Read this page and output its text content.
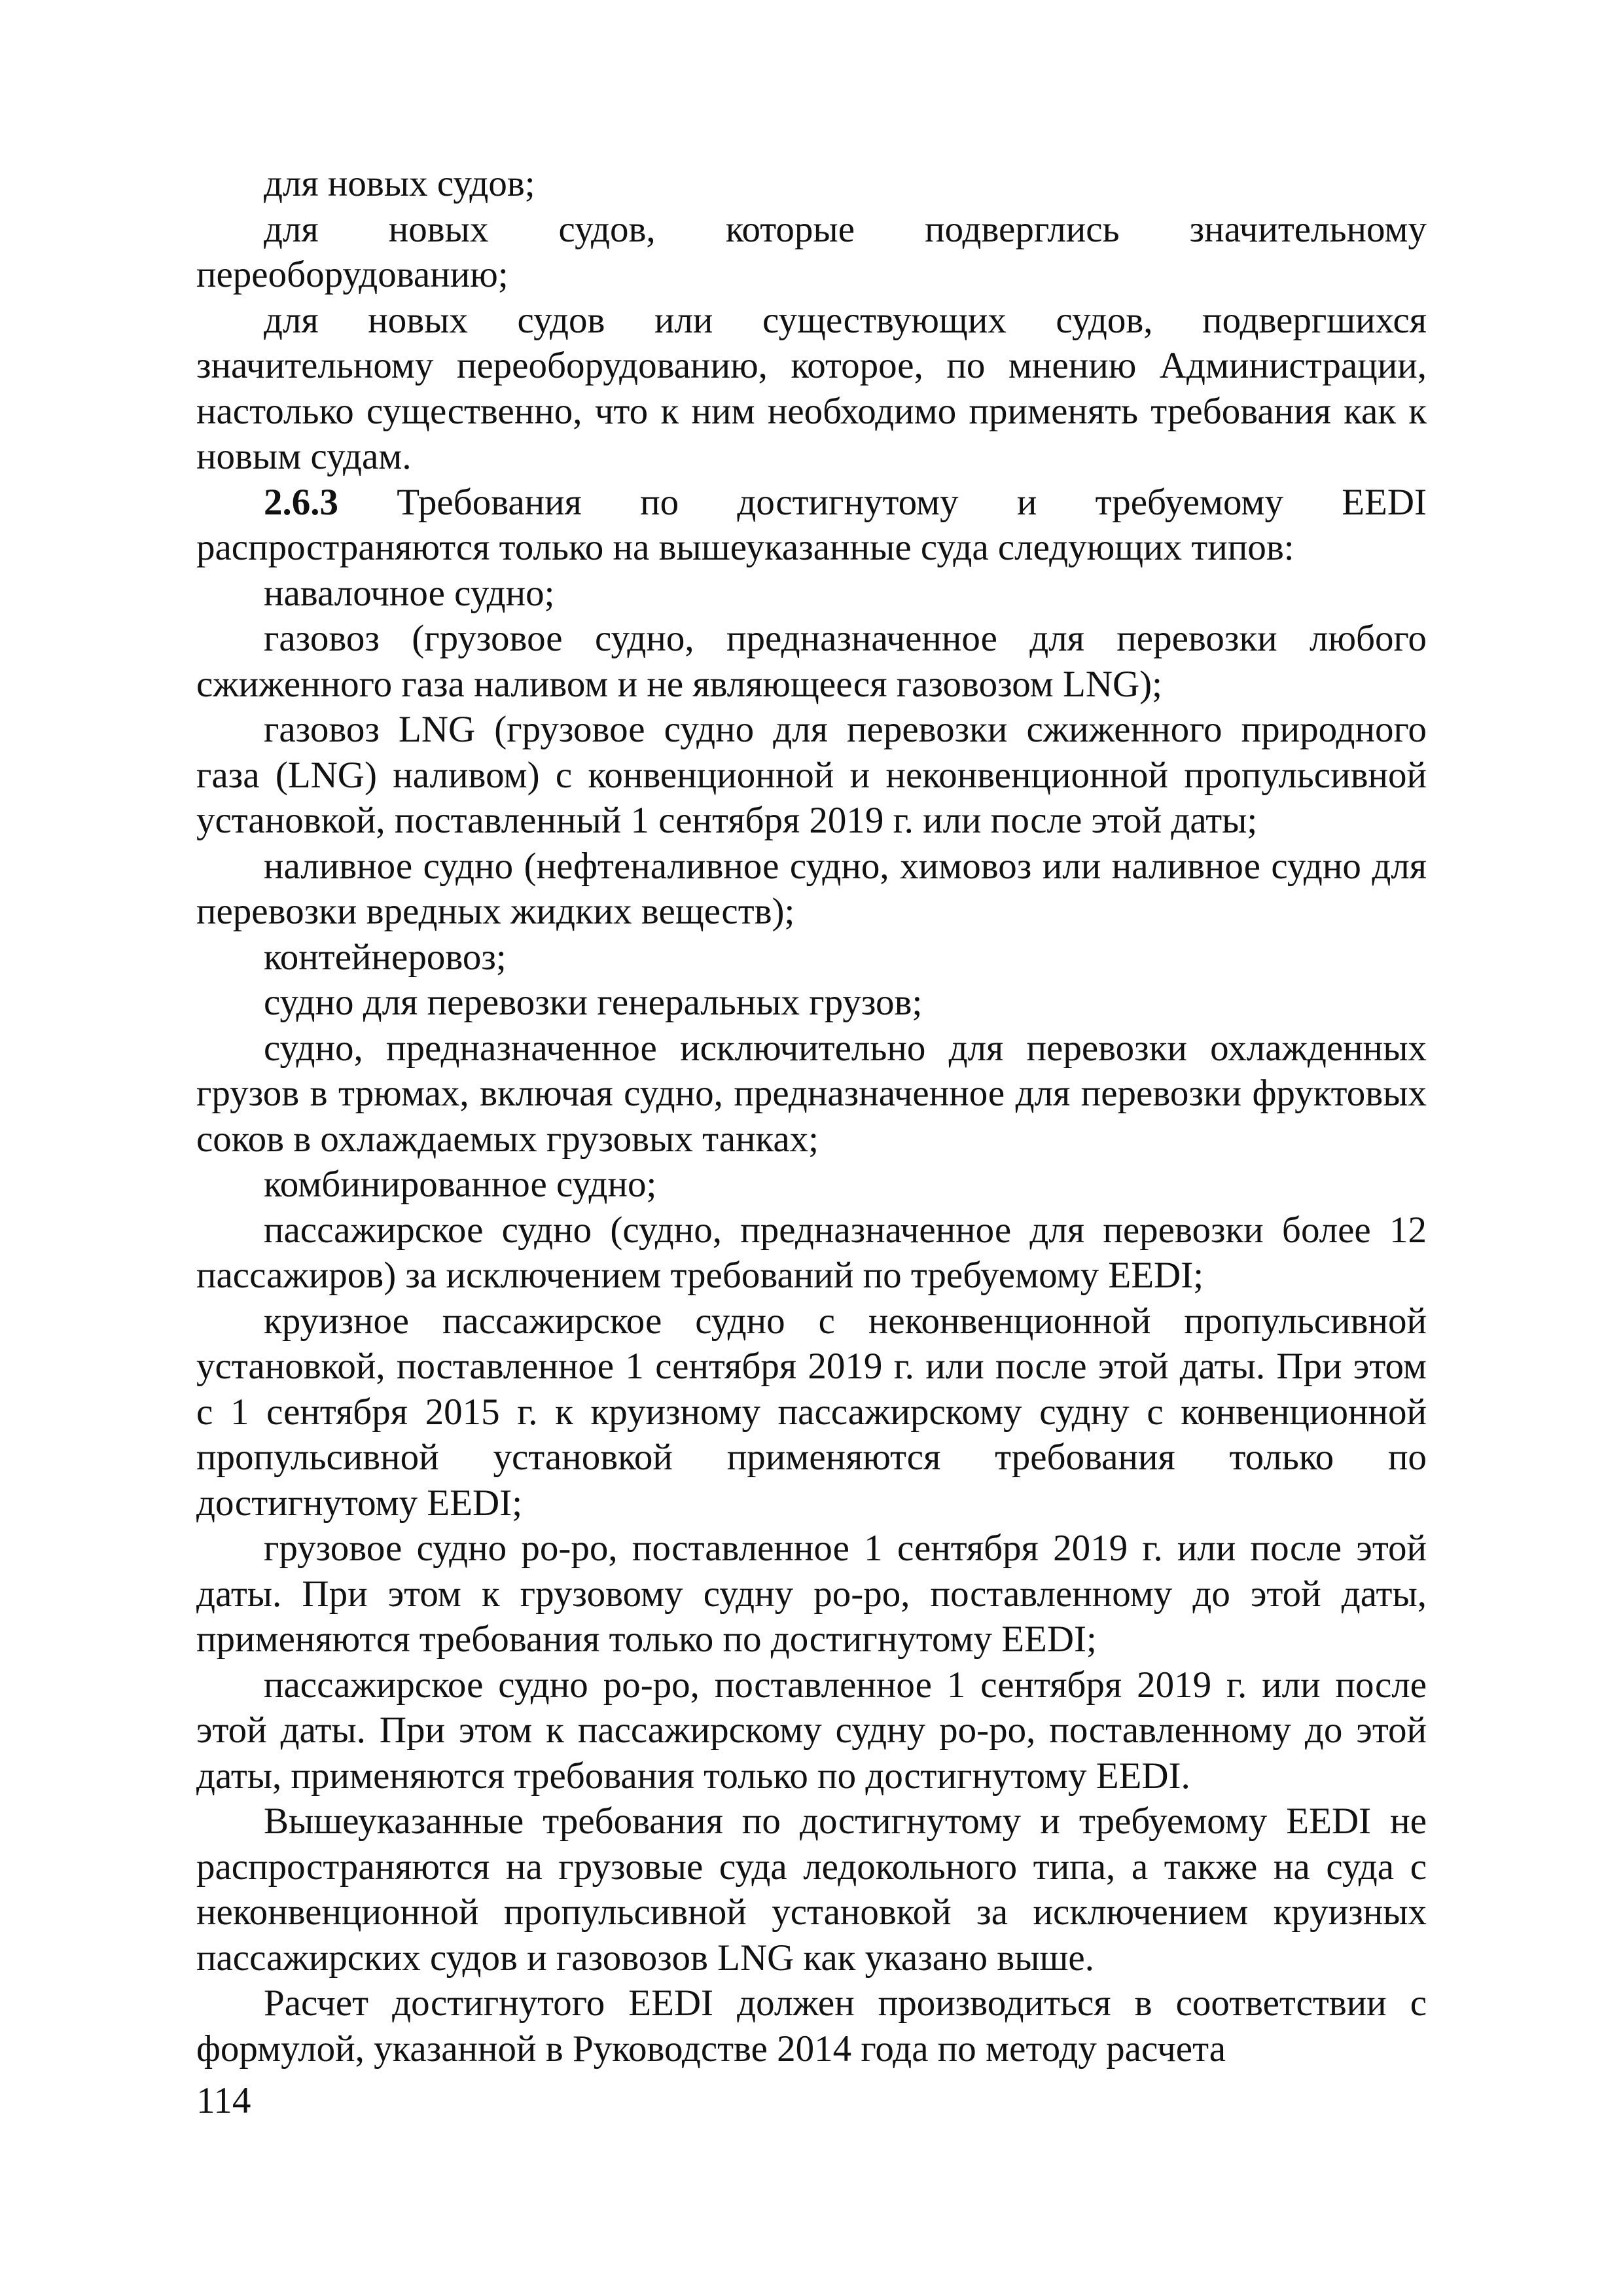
для новых судов;

для новых судов, которые подверглись значительному переоборудованию;

для новых судов или существующих судов, подвергшихся значительному переоборудованию, которое, по мнению Администрации, настолько существенно, что к ним необходимо применять требования как к новым судам.

2.6.3 Требования по достигнутому и требуемому EEDI распространяются только на вышеуказанные суда следующих типов:

навалочное судно;

газовоз (грузовое судно, предназначенное для перевозки любого сжиженного газа наливом и не являющееся газовозом LNG);

газовоз LNG (грузовое судно для перевозки сжиженного природного газа (LNG) наливом) с конвенционной и неконвенционной пропульсивной установкой, поставленный 1 сентября 2019 г. или после этой даты;

наливное судно (нефтеналивное судно, химовоз или наливное судно для перевозки вредных жидких веществ);

контейнеровоз;

судно для перевозки генеральных грузов;

судно, предназначенное исключительно для перевозки охлажденных грузов в трюмах, включая судно, предназначенное для перевозки фруктовых соков в охлаждаемых грузовых танках;

комбинированное судно;

пассажирское судно (судно, предназначенное для перевозки более 12 пассажиров) за исключением требований по требуемому EEDI;

круизное пассажирское судно с неконвенционной пропульсивной установкой, поставленное 1 сентября 2019 г. или после этой даты. При этом с 1 сентября 2015 г. к круизному пассажирскому судну с конвенционной пропульсивной установкой применяются требования только по достигнутому EEDI;

грузовое судно ро-ро, поставленное 1 сентября 2019 г. или после этой даты. При этом к грузовому судну ро-ро, поставленному до этой даты, применяются требования только по достигнутому EEDI;

пассажирское судно ро-ро, поставленное 1 сентября 2019 г. или после этой даты. При этом к пассажирскому судну ро-ро, поставленному до этой даты, применяются требования только по достигнутому EEDI.

Вышеуказанные требования по достигнутому и требуемому EEDI не распространяются на грузовые суда ледокольного типа, а также на суда с неконвенционной пропульсивной установкой за исключением круизных пассажирских судов и газовозов LNG как указано выше.

Расчет достигнутого EEDI должен производиться в соответствии с формулой, указанной в Руководстве 2014 года по методу расчета

114
